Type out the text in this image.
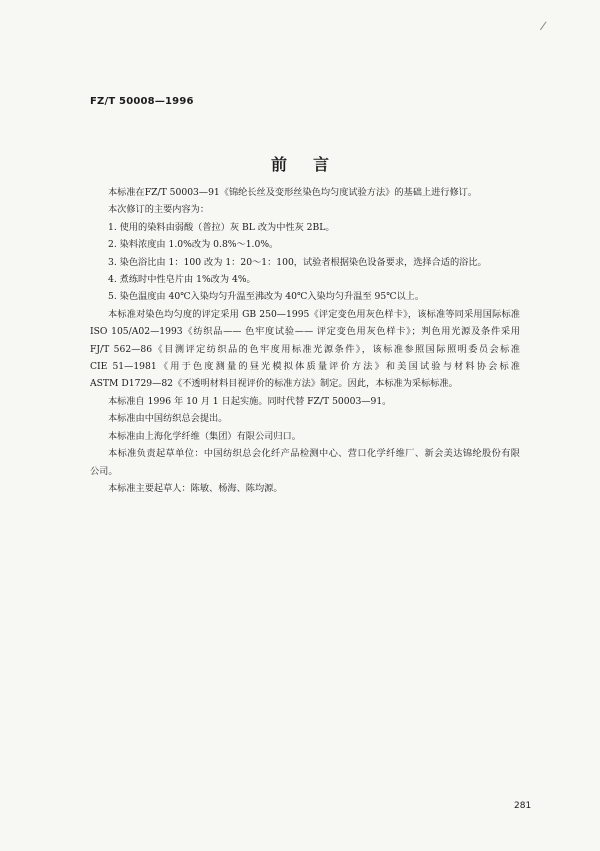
FZ/T 50008—1996
前言

本标准在FZ/T 50003—91《锦纶长丝及变形丝染色均匀度试验方法》的基础上进行修订。

本次修订的主要内容为：

1. 使用的染料由弱酸（普拉）灰 BL 改为中性灰 2BL。

2. 染料浓度由 1.0%改为 0.8%～1.0%。

3. 染色浴比由 1：100 改为 1：20～1：100，试验者根据染色设备要求，选择合适的浴比。

4. 煮练时中性皂片由 1%改为 4%。

5. 染色温度由 40℃入染均匀升温至沸改为 40℃入染均匀升温至 95℃以上。

本标准对染色均匀度的评定采用 GB 250—1995《评定变色用灰色样卡》，该标准等同采用国际标准

ISO 105/A02—1993《纺织品—— 色牢度试验—— 评定变色用灰色样卡》；判色用光源及条件采用

FJ/T 562—86《目测评定纺织品的色牢度用标准光源条件》，该标准参照国际照明委员会标准

CIE 51—1981《用于色度测量的昼光模拟体质量评价方法》和美国试验与材料协会标准

ASTM D1729—82《不透明材料目视评价的标准方法》制定。因此，本标准为采标标准。

本标准自 1996 年 10 月 1 日起实施。同时代替 FZ/T 50003—91。

本标准由中国纺织总会提出。

本标准由上海化学纤维（集团）有限公司归口。

本标准负责起草单位：中国纺织总会化纤产品检测中心、营口化学纤维厂、新会美达锦纶股份有限

公司。

本标准主要起草人：陈敏、杨海、陈均源。

281
